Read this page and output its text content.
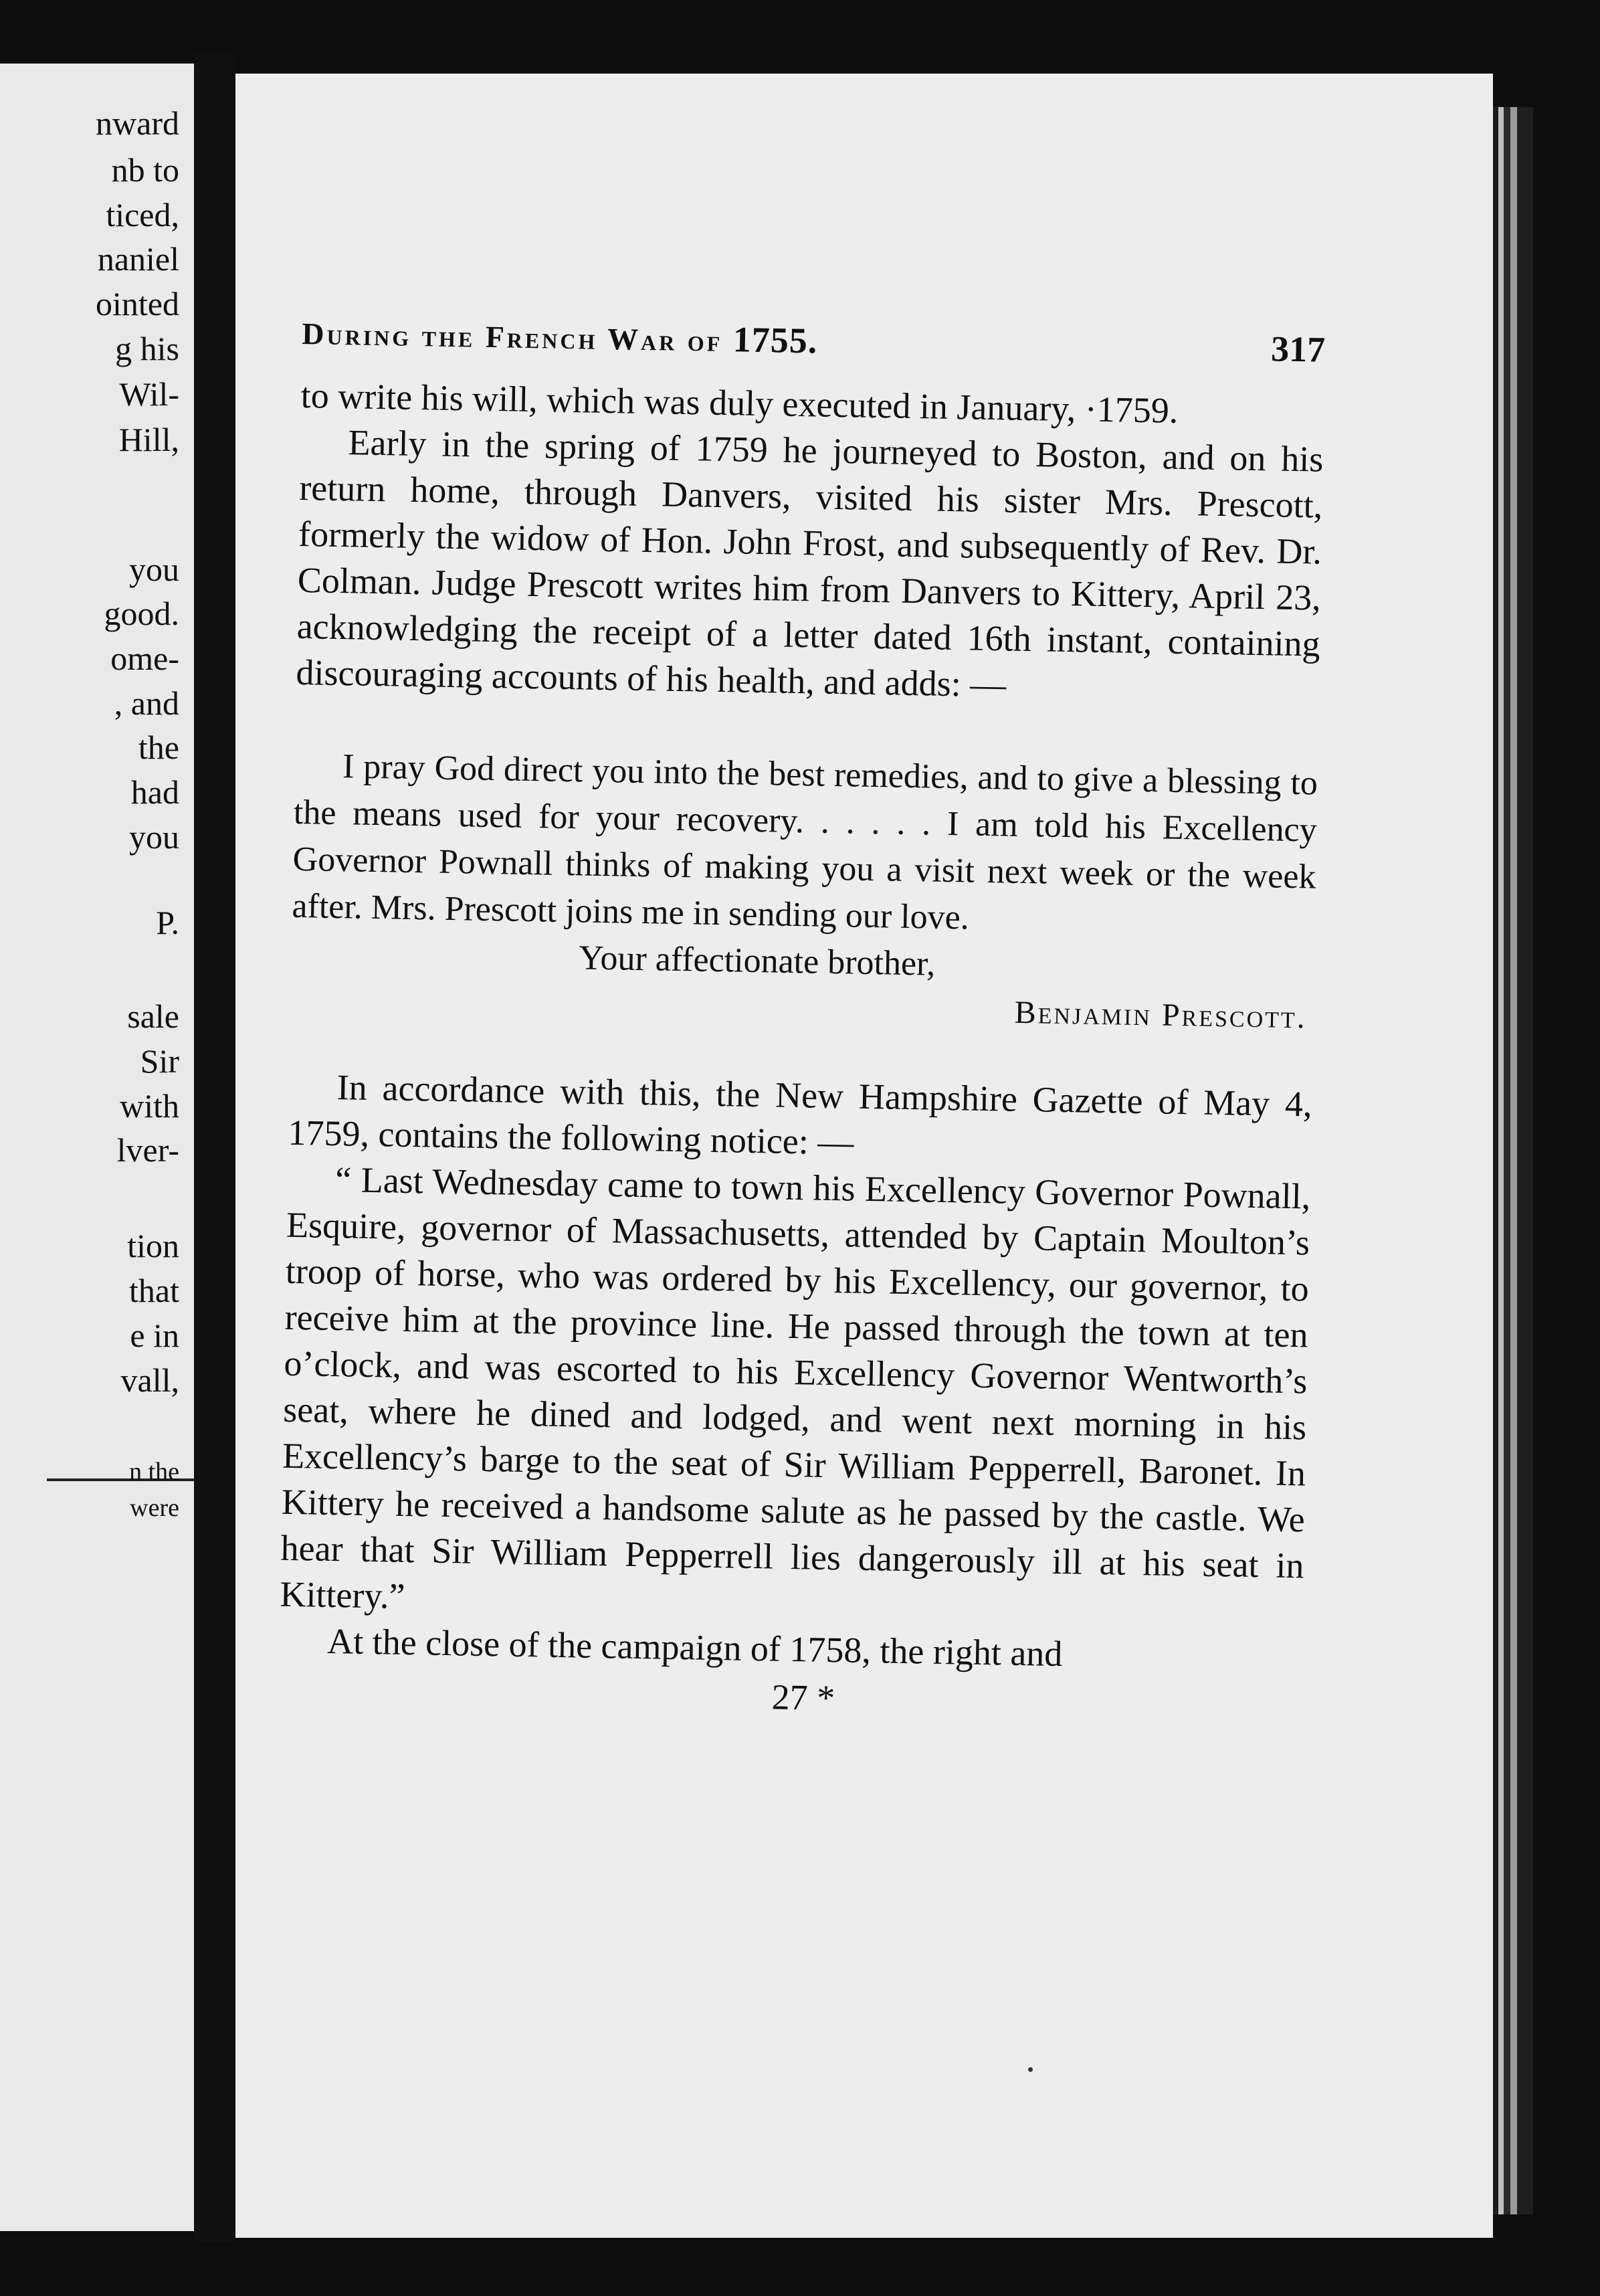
nward
nb to
ticed,
naniel
ointed
g his
Wil-
Hill,
you
good.
ome-
, and
the
had
you
P.
sale
Sir
with
lver-
tion
that
e in
vall,
n the
were
During the French War of 1755.	317

to write his will, which was duly executed in January, ·1759.

Early in the spring of 1759 he journeyed to Boston, and on his return home, through Danvers, visited his sister Mrs. Prescott, formerly the widow of Hon. John Frost, and subsequently of Rev. Dr. Colman. Judge Prescott writes him from Danvers to Kittery, April 23, acknowledging the receipt of a letter dated 16th instant, containing discouraging accounts of his health, and adds: —

I pray God direct you into the best remedies, and to give a blessing to the means used for your recovery. . . . . . I am told his Excellency Governor Pownall thinks of making you a visit next week or the week after. Mrs. Prescott joins me in sending our love.

Your affectionate brother,

Benjamin Prescott.

In accordance with this, the New Hampshire Gazette of May 4, 1759, contains the following notice: —

“ Last Wednesday came to town his Excellency Governor Pownall, Esquire, governor of Massachusetts, attended by Captain Moulton’s troop of horse, who was ordered by his Excellency, our governor, to receive him at the province line. He passed through the town at ten o’clock, and was escorted to his Excellency Governor Wentworth’s seat, where he dined and lodged, and went next morning in his Excellency’s barge to the seat of Sir William Pepperrell, Baronet. In Kittery he received a handsome salute as he passed by the castle. We hear that Sir William Pepperrell lies dangerously ill at his seat in Kittery.”

At the close of the campaign of 1758, the right and

27 *
